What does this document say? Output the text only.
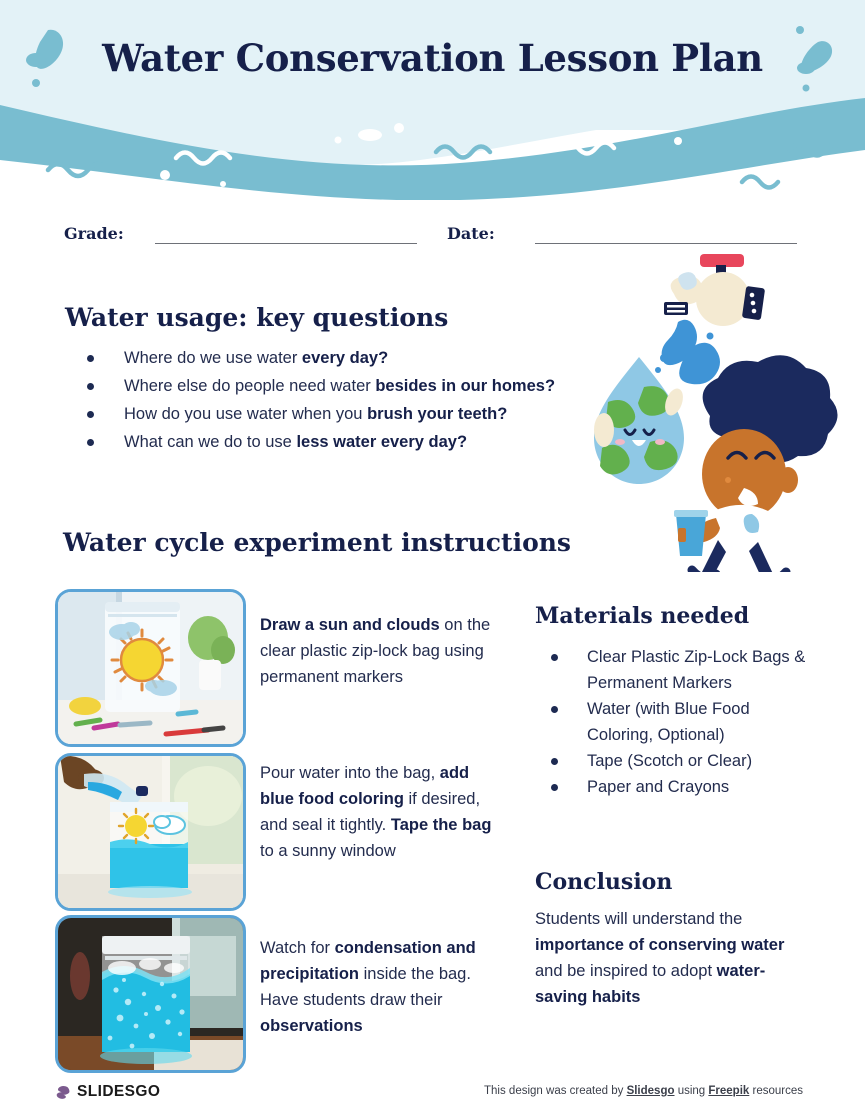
Water Conservation Lesson Plan
Grade:	Date:
Water usage: key questions
Where do we use water every day?
Where else do people need water besides in our homes?
How do you use water when you brush your teeth?
What can we do to use less water every day?
Water cycle experiment instructions
Draw a sun and clouds on the clear plastic zip-lock bag using permanent markers
Pour water into the bag, add blue food coloring if desired, and seal it tightly. Tape the bag to a sunny window
Watch for condensation and precipitation inside the bag. Have students draw their observations
Materials needed
Clear Plastic Zip-Lock Bags & Permanent Markers
Water (with Blue Food Coloring, Optional)
Tape (Scotch or Clear)
Paper and Crayons
Conclusion
Students will understand the importance of conserving water and be inspired to adopt water-saving habits
SLIDESGO	This design was created by Slidesgo using Freepik resources
